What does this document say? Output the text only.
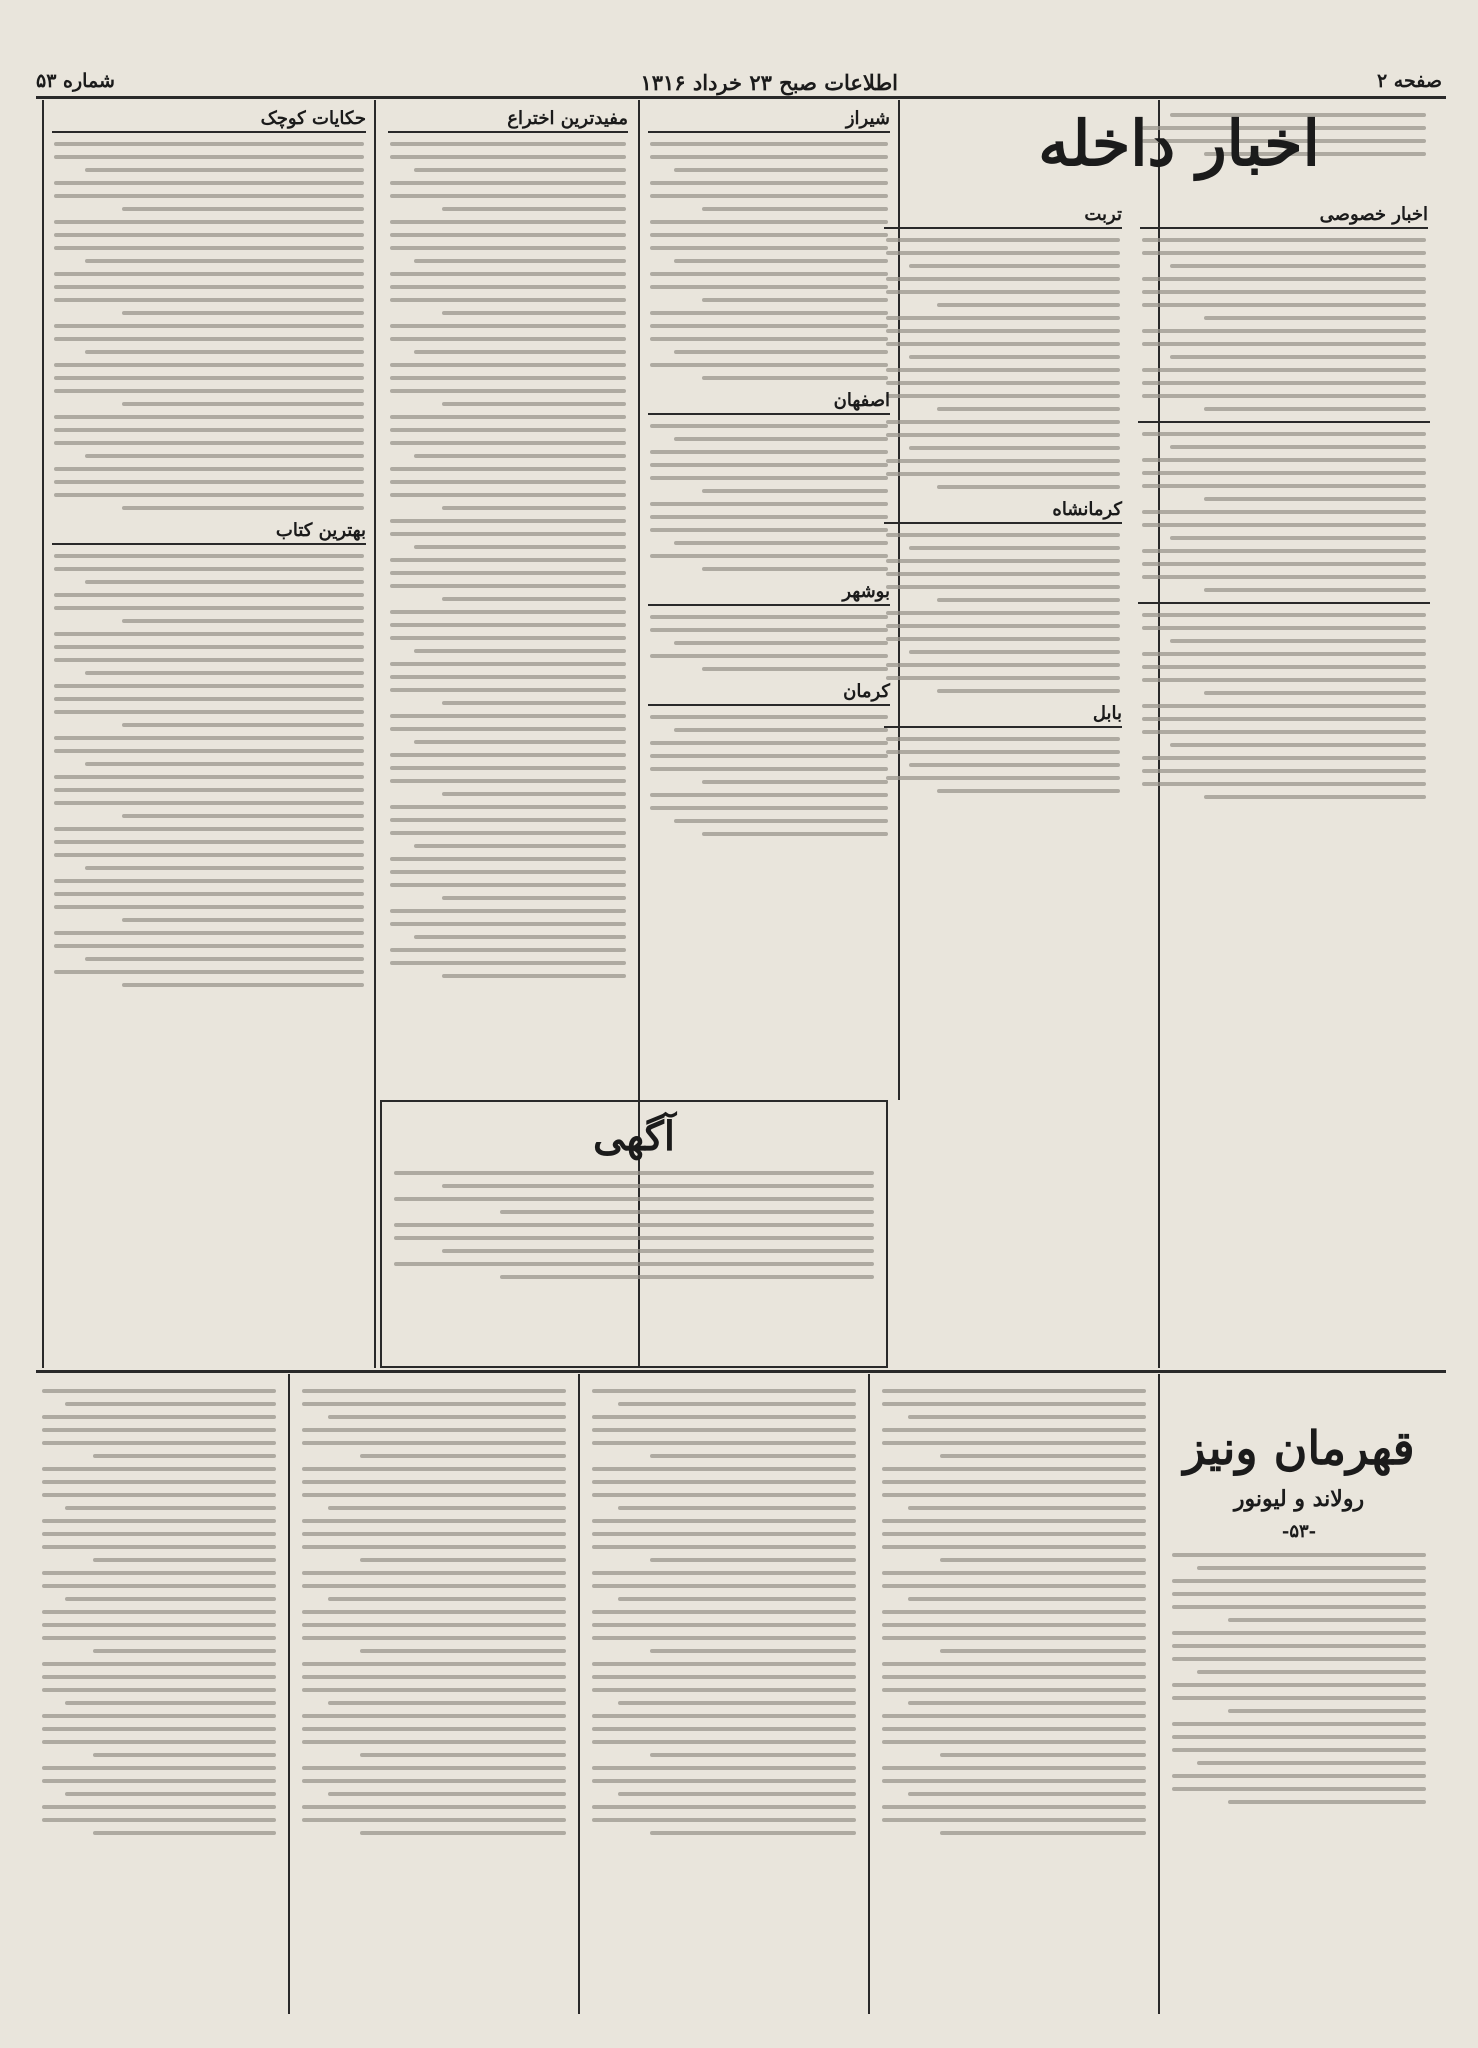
صفحه ۲
اطلاعات صبح ۲۳ خرداد ۱۳۱۶
شماره ۵۳
اخبار داخله
اخبار خصوصی
تربت
کرمانشاه
بابل
شیراز
اصفهان
بوشهر
کرمان
مفیدترین اختراع
حکایات کوچک
بهترین کتاب
آگهی
قهرمان ونیز
رولاند و لیونور
-۵۳-
